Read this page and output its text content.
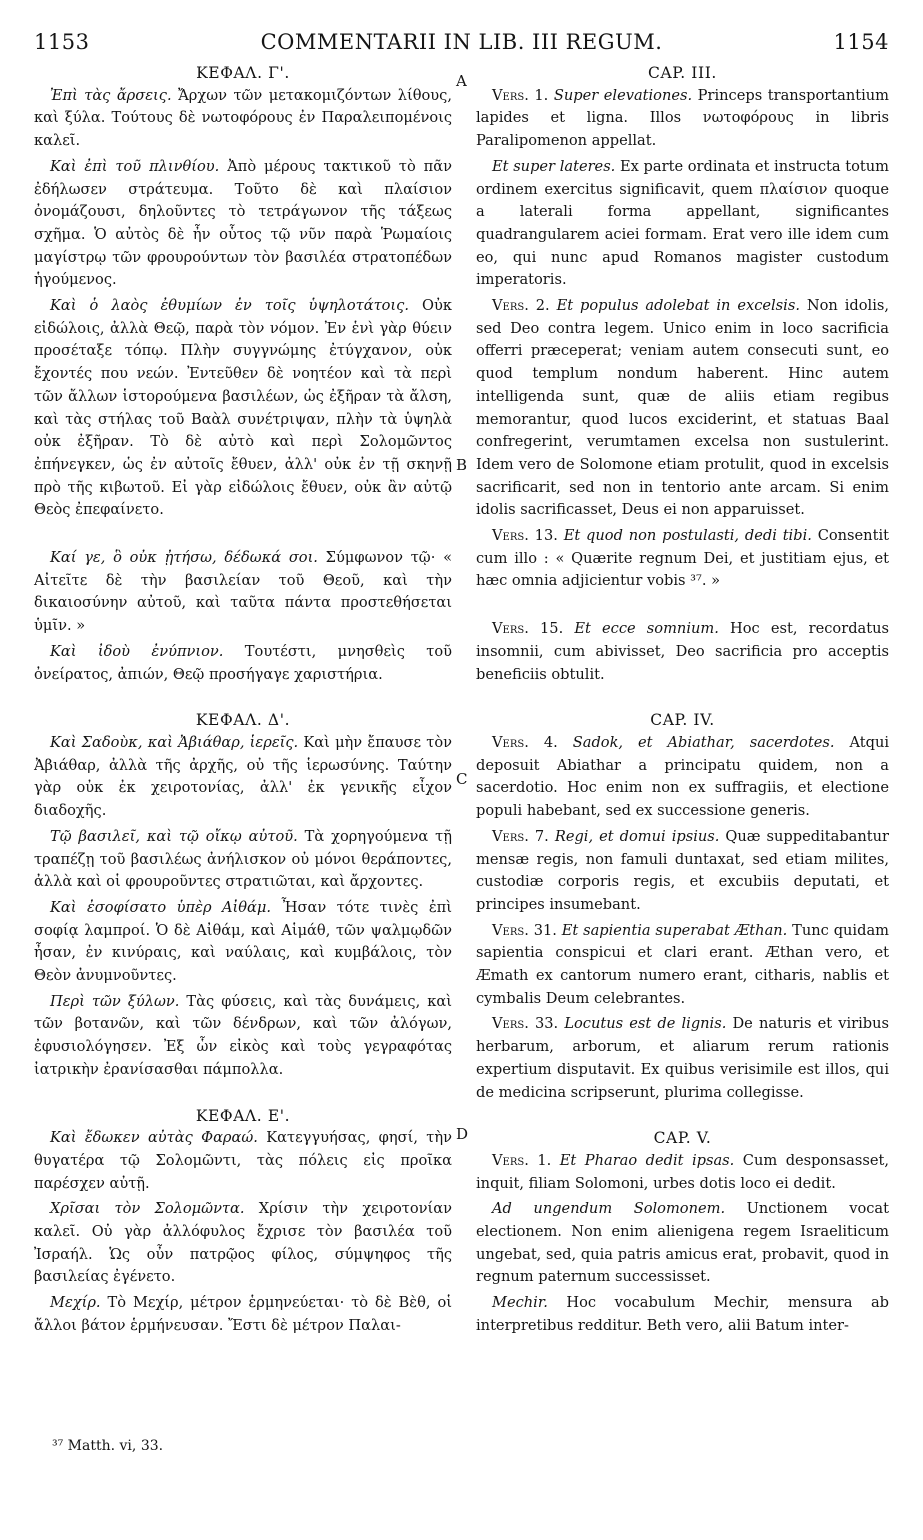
1153	COMMENTARII IN LIB. III REGUM.	1154
A
B
C
D
ΚΕΦΑΛ. Γ'.

Ἐπὶ τὰς ἄρσεις. Ἄρχων τῶν μετακομιζόντων λίθους, καὶ ξύλα. Τούτους δὲ νωτοφόρους ἐν Παραλειπομένοις καλεῖ.

Καὶ ἐπὶ τοῦ πλινθίου. Ἀπὸ μέρους τακτικοῦ τὸ πᾶν ἐδήλωσεν στράτευμα. Τοῦτο δὲ καὶ πλαίσιον ὀνομάζουσι, δηλοῦντες τὸ τετράγωνον τῆς τάξεως σχῆμα. Ὁ αὐτὸς δὲ ἦν οὗτος τῷ νῦν παρὰ Ῥωμαίοις μαγίστρῳ τῶν φρουρούντων τὸν βασιλέα στρατοπέδων ἡγούμενος.

Καὶ ὁ λαὸς ἐθυμίων ἐν τοῖς ὑψηλοτάτοις. Οὐκ εἰδώλοις, ἀλλὰ Θεῷ, παρὰ τὸν νόμον. Ἐν ἑνὶ γὰρ θύειν προσέταξε τόπῳ. Πλὴν συγγνώμης ἐτύγχανον, οὐκ ἔχοντές που νεών. Ἐντεῦθεν δὲ νοητέον καὶ τὰ περὶ τῶν ἄλλων ἱστορούμενα βασιλέων, ὡς ἐξῆραν τὰ ἄλση, καὶ τὰς στήλας τοῦ Βαὰλ συνέτριψαν, πλὴν τὰ ὑψηλὰ οὐκ ἐξῆραν. Τὸ δὲ αὐτὸ καὶ περὶ Σολομῶντος ἐπήνεγκεν, ὡς ἐν αὐτοῖς ἔθυεν, ἀλλ' οὐκ ἐν τῇ σκηνῇ πρὸ τῆς κιβωτοῦ. Εἰ γὰρ εἰδώλοις ἔθυεν, οὐκ ἂν αὐτῷ Θεὸς ἐπεφαίνετο.

Καί γε, ὃ οὐκ ᾐτήσω, δέδωκά σοι. Σύμφωνον τῷ· « Αἰτεῖτε δὲ τὴν βασιλείαν τοῦ Θεοῦ, καὶ τὴν δικαιοσύνην αὐτοῦ, καὶ ταῦτα πάντα προστεθήσεται ὑμῖν. »

Καὶ ἰδοὺ ἐνύπνιον. Τουτέστι, μνησθεὶς τοῦ ὀνείρατος, ἀπιών, Θεῷ προσήγαγε χαριστήρια.

ΚΕΦΑΛ. Δ'.

Καὶ Σαδοὺκ, καὶ Ἀβιάθαρ, ἱερεῖς. Καὶ μὴν ἔπαυσε τὸν Ἀβιάθαρ, ἀλλὰ τῆς ἀρχῆς, οὐ τῆς ἱερωσύνης. Ταύτην γὰρ οὐκ ἐκ χειροτονίας, ἀλλ' ἐκ γενικῆς εἶχον διαδοχῆς.

Τῷ βασιλεῖ, καὶ τῷ οἴκῳ αὐτοῦ. Τὰ χορηγούμενα τῇ τραπέζῃ τοῦ βασιλέως ἀνήλισκον οὐ μόνοι θεράποντες, ἀλλὰ καὶ οἱ φρουροῦντες στρατιῶται, καὶ ἄρχοντες.

Καὶ ἐσοφίσατο ὑπὲρ Αἰθάμ. Ἦσαν τότε τινὲς ἐπὶ σοφίᾳ λαμπροί. Ὁ δὲ Αἰθάμ, καὶ Αἱμάθ, τῶν ψαλμῳδῶν ἦσαν, ἐν κινύραις, καὶ ναύλαις, καὶ κυμβάλοις, τὸν Θεὸν ἀνυμνοῦντες.

Περὶ τῶν ξύλων. Τὰς φύσεις, καὶ τὰς δυνάμεις, καὶ τῶν βοτανῶν, καὶ τῶν δένδρων, καὶ τῶν ἀλόγων, ἐφυσιολόγησεν. Ἐξ ὧν εἰκὸς καὶ τοὺς γεγραφότας ἰατρικὴν ἐρανίσασθαι πάμπολλα.

ΚΕΦΑΛ. Ε'.

Καὶ ἔδωκεν αὐτὰς Φαραώ. Κατεγγυήσας, φησί, τὴν θυγατέρα τῷ Σολομῶντι, τὰς πόλεις εἰς προῖκα παρέσχεν αὐτῇ.

Χρῖσαι τὸν Σολομῶντα. Χρίσιν τὴν χειροτονίαν καλεῖ. Οὐ γὰρ ἀλλόφυλος ἔχρισε τὸν βασιλέα τοῦ Ἰσραήλ. Ὡς οὖν πατρῷος φίλος, σύμψηφος τῆς βασιλείας ἐγένετο.

Μεχίρ. Τὸ Μεχίρ, μέτρον ἑρμηνεύεται· τὸ δὲ Βὲθ, οἱ ἄλλοι βάτον ἑρμήνευσαν. Ἔστι δὲ μέτρον Παλαι-

CAP. III.

Vers. 1. Super elevationes. Princeps transportantium lapides et ligna. Illos νωτοφόρους in libris Paralipomenon appellat.

Et super lateres. Ex parte ordinata et instructa totum ordinem exercitus significavit, quem πλαίσιον quoque a laterali forma appellant, significantes quadrangularem aciei formam. Erat vero ille idem cum eo, qui nunc apud Romanos magister custodum imperatoris.

Vers. 2. Et populus adolebat in excelsis. Non idolis, sed Deo contra legem. Unico enim in loco sacrificia offerri præceperat; veniam autem consecuti sunt, eo quod templum nondum haberent. Hinc autem intelligenda sunt, quæ de aliis etiam regibus memorantur, quod lucos exciderint, et statuas Baal confregerint, verumtamen excelsa non sustulerint. Idem vero de Solomone etiam protulit, quod in excelsis sacrificarit, sed non in tentorio ante arcam. Si enim idolis sacrificasset, Deus ei non apparuisset.

Vers. 13. Et quod non postulasti, dedi tibi. Consentit cum illo : « Quærite regnum Dei, et justitiam ejus, et hæc omnia adjicientur vobis ³⁷. »

Vers. 15. Et ecce somnium. Hoc est, recordatus insomnii, cum abivisset, Deo sacrificia pro acceptis beneficiis obtulit.

CAP. IV.

Vers. 4. Sadok, et Abiathar, sacerdotes. Atqui deposuit Abiathar a principatu quidem, non a sacerdotio. Hoc enim non ex suffragiis, et electione populi habebant, sed ex successione generis.

Vers. 7. Regi, et domui ipsius. Quæ suppeditabantur mensæ regis, non famuli duntaxat, sed etiam milites, custodiæ corporis regis, et excubiis deputati, et principes insumebant.

Vers. 31. Et sapientia superabat Æthan. Tunc quidam sapientia conspicui et clari erant. Æthan vero, et Æmath ex cantorum numero erant, citharis, nablis et cymbalis Deum celebrantes.

Vers. 33. Locutus est de lignis. De naturis et viribus herbarum, arborum, et aliarum rerum rationis expertium disputavit. Ex quibus verisimile est illos, qui de medicina scripserunt, plurima collegisse.

CAP. V.

Vers. 1. Et Pharao dedit ipsas. Cum desponsasset, inquit, filiam Solomoni, urbes dotis loco ei dedit.

Ad ungendum Solomonem. Unctionem vocat electionem. Non enim alienigena regem Israeliticum ungebat, sed, quia patris amicus erat, probavit, quod in regnum paternum successisset.

Mechir. Hoc vocabulum Mechir, mensura ab interpretibus redditur. Beth vero, alii Batum inter-

³⁷ Matth. vi, 33.
